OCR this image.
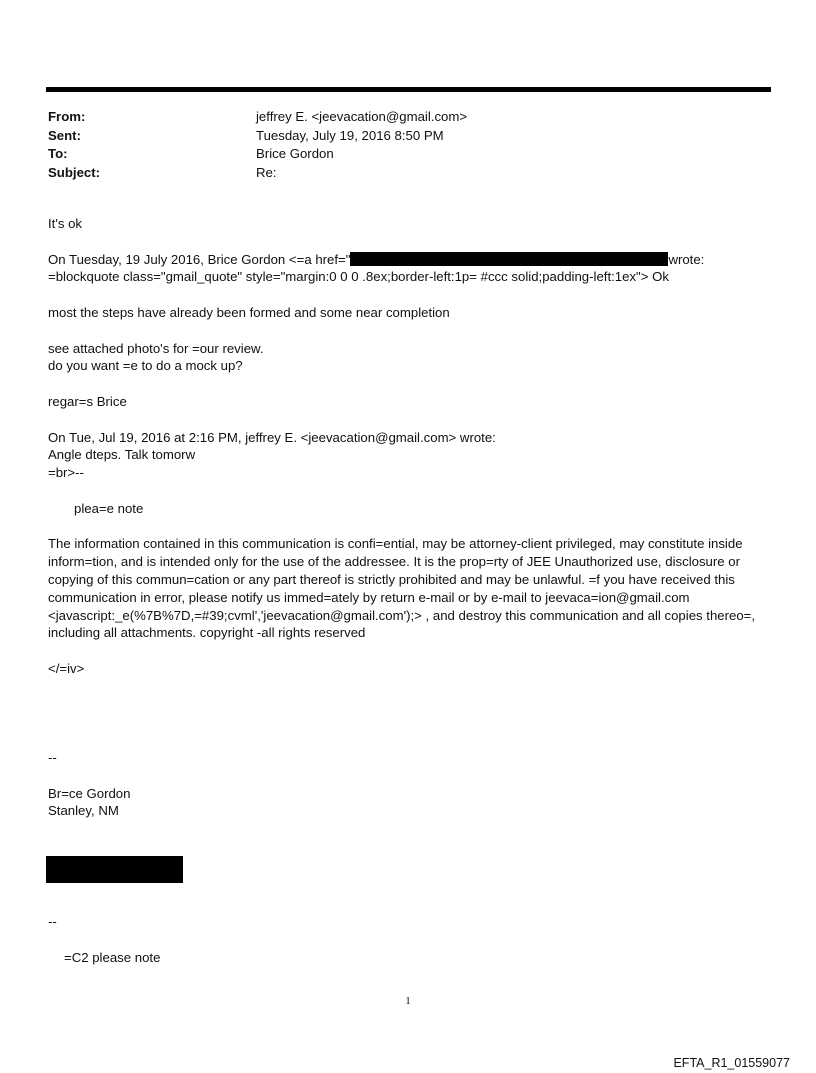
From:	jeffrey E. <jeevacation@gmail.com>
Sent:	Tuesday, July 19, 2016 8:50 PM
To:	Brice Gordon
Subject:	Re:

It's ok

On Tuesday, 19 July 2016, Brice Gordon <=a href="	wrote:

=blockquote class="gmail_quote" style="margin:0 0 0 .8ex;border-left:1p= #ccc solid;padding-left:1ex"> Ok

most the steps have already been formed and some near completion

see attached photo's for =our review.

do you want =e to do a mock up?

regar=s Brice

On Tue, Jul 19, 2016 at 2:16 PM, jeffrey E. <jeevacation@gmail.com> wrote:

Angle dteps. Talk tomorw

=br>--

plea=e note

The information contained in this communication is confi=ential, may be attorney-client privileged, may constitute inside inform=tion, and is intended only for the use of the addressee. It is the prop=rty of JEE Unauthorized use, disclosure or copying of this commun=cation or any part thereof is strictly prohibited and may be unlawful. =f you have received this communication in error, please notify us immed=ately by return e-mail or by e-mail to jeevaca=ion@gmail.com <javascript:_e(%7B%7D,=#39;cvml','jeevacation@gmail.com');> , and destroy this communication and all copies thereo=, including all attachments. copyright -all rights reserved

</=iv>

--

Br=ce Gordon

Stanley, NM

--

=C2 please note

1
EFTA_R1_01559077
